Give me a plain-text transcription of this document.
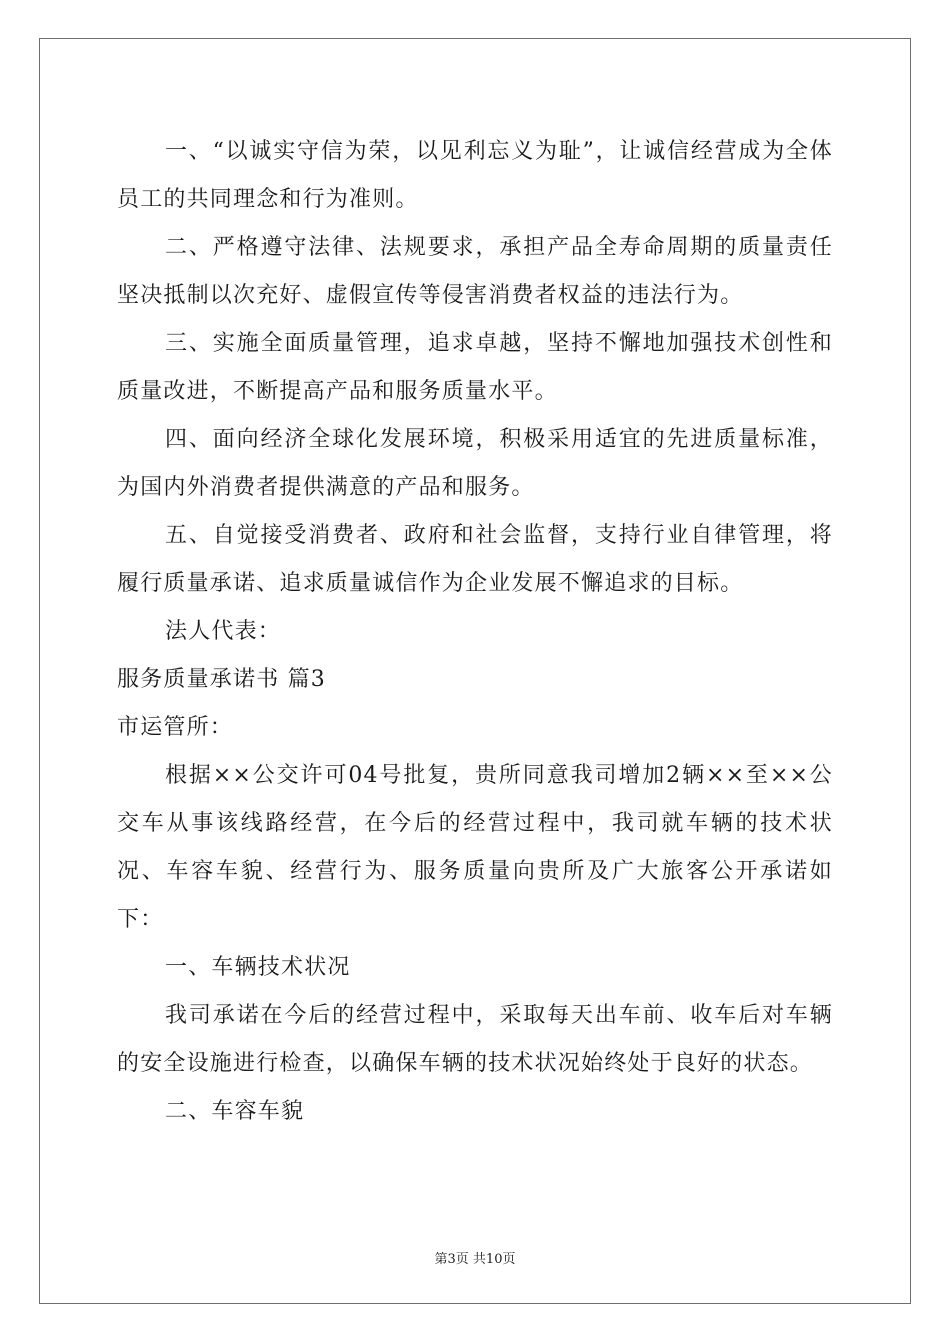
一、“以诚实守信为荣，以见利忘义为耻”，让诚信经营成为全体员工的共同理念和行为准则。

二、严格遵守法律、法规要求，承担产品全寿命周期的质量责任坚决抵制以次充好、虚假宣传等侵害消费者权益的违法行为。

三、实施全面质量管理，追求卓越，坚持不懈地加强技术创性和质量改进，不断提高产品和服务质量水平。

四、面向经济全球化发展环境，积极采用适宜的先进质量标准，为国内外消费者提供满意的产品和服务。

五、自觉接受消费者、政府和社会监督，支持行业自律管理，将履行质量承诺、追求质量诚信作为企业发展不懈追求的目标。

法人代表：

服务质量承诺书 篇3

市运管所：

根据××公交许可04号批复，贵所同意我司增加2辆××至××公交车从事该线路经营，在今后的经营过程中，我司就车辆的技术状况、车容车貌、经营行为、服务质量向贵所及广大旅客公开承诺如下：

一、车辆技术状况

我司承诺在今后的经营过程中，采取每天出车前、收车后对车辆的安全设施进行检查，以确保车辆的技术状况始终处于良好的状态。

二、车容车貌

第3页 共10页
